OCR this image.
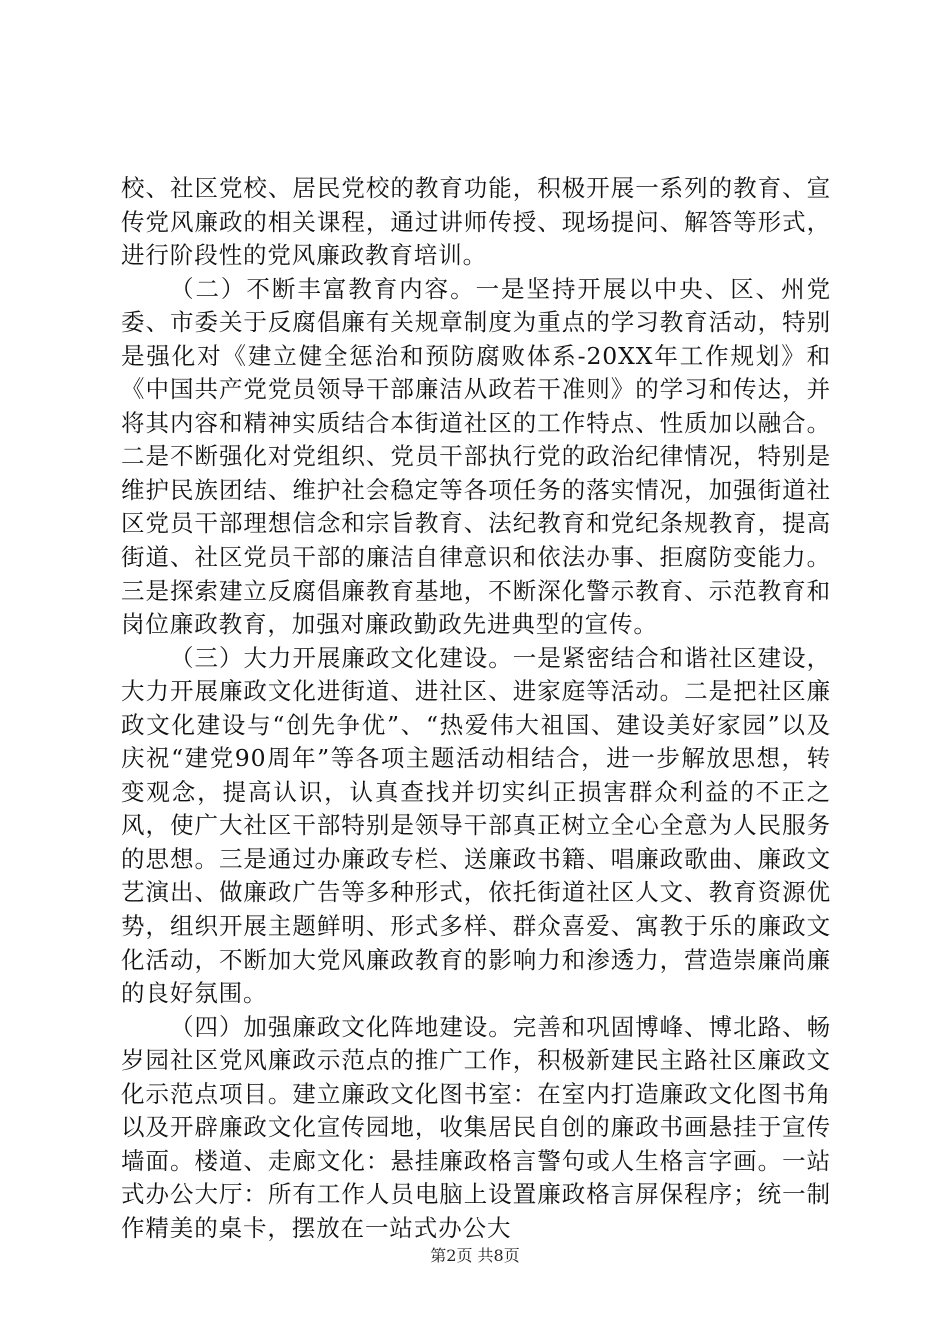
校、社区党校、居民党校的教育功能，积极开展一系列的教育、宣传党风廉政的相关课程，通过讲师传授、现场提问、解答等形式，进行阶段性的党风廉政教育培训。

（二）不断丰富教育内容。一是坚持开展以中央、区、州党委、市委关于反腐倡廉有关规章制度为重点的学习教育活动，特别是强化对《建立健全惩治和预防腐败体系-20XX年工作规划》和《中国共产党党员领导干部廉洁从政若干准则》的学习和传达，并将其内容和精神实质结合本街道社区的工作特点、性质加以融合。二是不断强化对党组织、党员干部执行党的政治纪律情况，特别是维护民族团结、维护社会稳定等各项任务的落实情况，加强街道社区党员干部理想信念和宗旨教育、法纪教育和党纪条规教育，提高街道、社区党员干部的廉洁自律意识和依法办事、拒腐防变能力。三是探索建立反腐倡廉教育基地，不断深化警示教育、示范教育和岗位廉政教育，加强对廉政勤政先进典型的宣传。

（三）大力开展廉政文化建设。一是紧密结合和谐社区建设，大力开展廉政文化进街道、进社区、进家庭等活动。二是把社区廉政文化建设与“创先争优”、“热爱伟大祖国、建设美好家园”以及庆祝“建党90周年”等各项主题活动相结合，进一步解放思想，转变观念，提高认识，认真查找并切实纠正损害群众利益的不正之风，使广大社区干部特别是领导干部真正树立全心全意为人民服务的思想。三是通过办廉政专栏、送廉政书籍、唱廉政歌曲、廉政文艺演出、做廉政广告等多种形式，依托街道社区人文、教育资源优势，组织开展主题鲜明、形式多样、群众喜爱、寓教于乐的廉政文化活动，不断加大党风廉政教育的影响力和渗透力，营造崇廉尚廉的良好氛围。

（四）加强廉政文化阵地建设。完善和巩固博峰、博北路、畅岁园社区党风廉政示范点的推广工作，积极新建民主路社区廉政文化示范点项目。建立廉政文化图书室：在室内打造廉政文化图书角以及开辟廉政文化宣传园地，收集居民自创的廉政书画悬挂于宣传墙面。楼道、走廊文化：悬挂廉政格言警句或人生格言字画。一站式办公大厅：所有工作人员电脑上设置廉政格言屏保程序；统一制作精美的桌卡，摆放在一站式办公大

第2页 共8页
